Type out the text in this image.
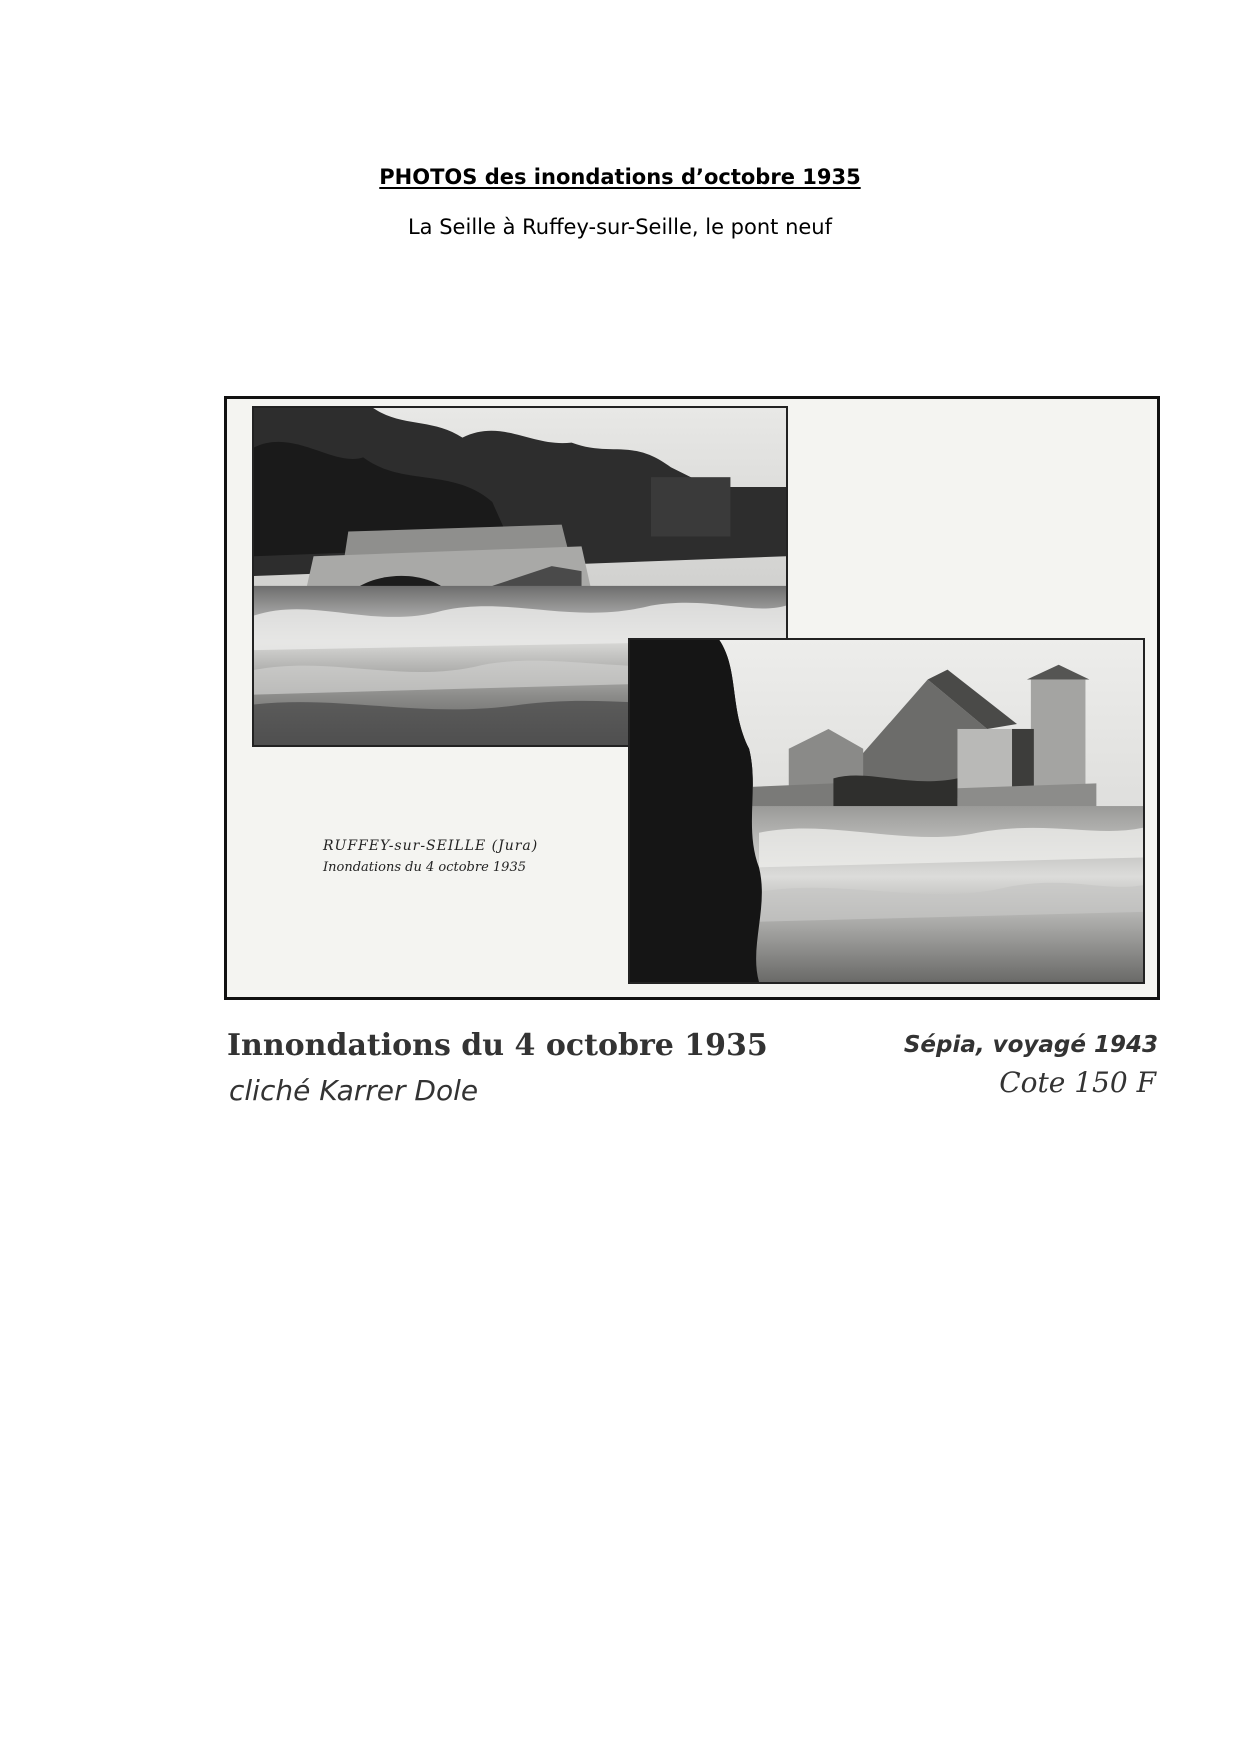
PHOTOS des inondations d’octobre 1935
La Seille à Ruffey-sur-Seille, le pont neuf
RUFFEY-sur-SEILLE (Jura)
Inondations du 4 octobre 1935
Innondations du 4 octobre 1935
cliché Karrer Dole
Sépia, voyagé 1943
Cote 150 F
